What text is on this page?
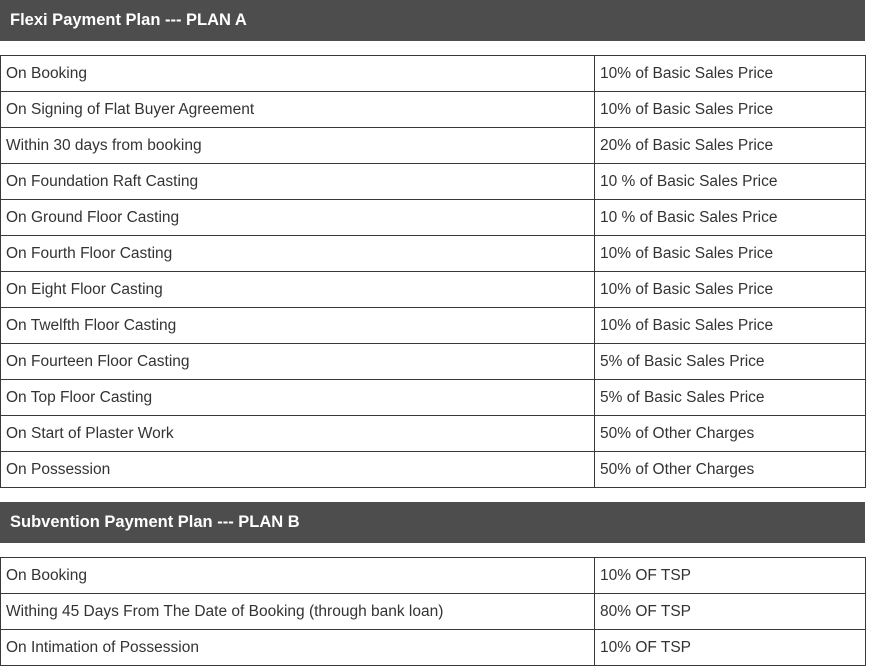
Flexi Payment Plan --- PLAN A
On Booking	10% of Basic Sales Price
On Signing of Flat Buyer Agreement	10% of Basic Sales Price
Within 30 days from booking	20% of Basic Sales Price
On Foundation Raft Casting	10 % of Basic Sales Price
On Ground Floor Casting	10 % of Basic Sales Price
On Fourth Floor Casting	10% of Basic Sales Price
On Eight Floor Casting	10% of Basic Sales Price
On Twelfth Floor Casting	10% of Basic Sales Price
On Fourteen Floor Casting	5% of Basic Sales Price
On Top Floor Casting	5% of Basic Sales Price
On Start of Plaster Work	50% of Other Charges
On Possession	50% of Other Charges
Subvention Payment Plan --- PLAN B
On Booking	10% OF TSP
Withing 45 Days From The Date of Booking (through bank loan)	80% OF TSP
On Intimation of Possession	10% OF TSP
